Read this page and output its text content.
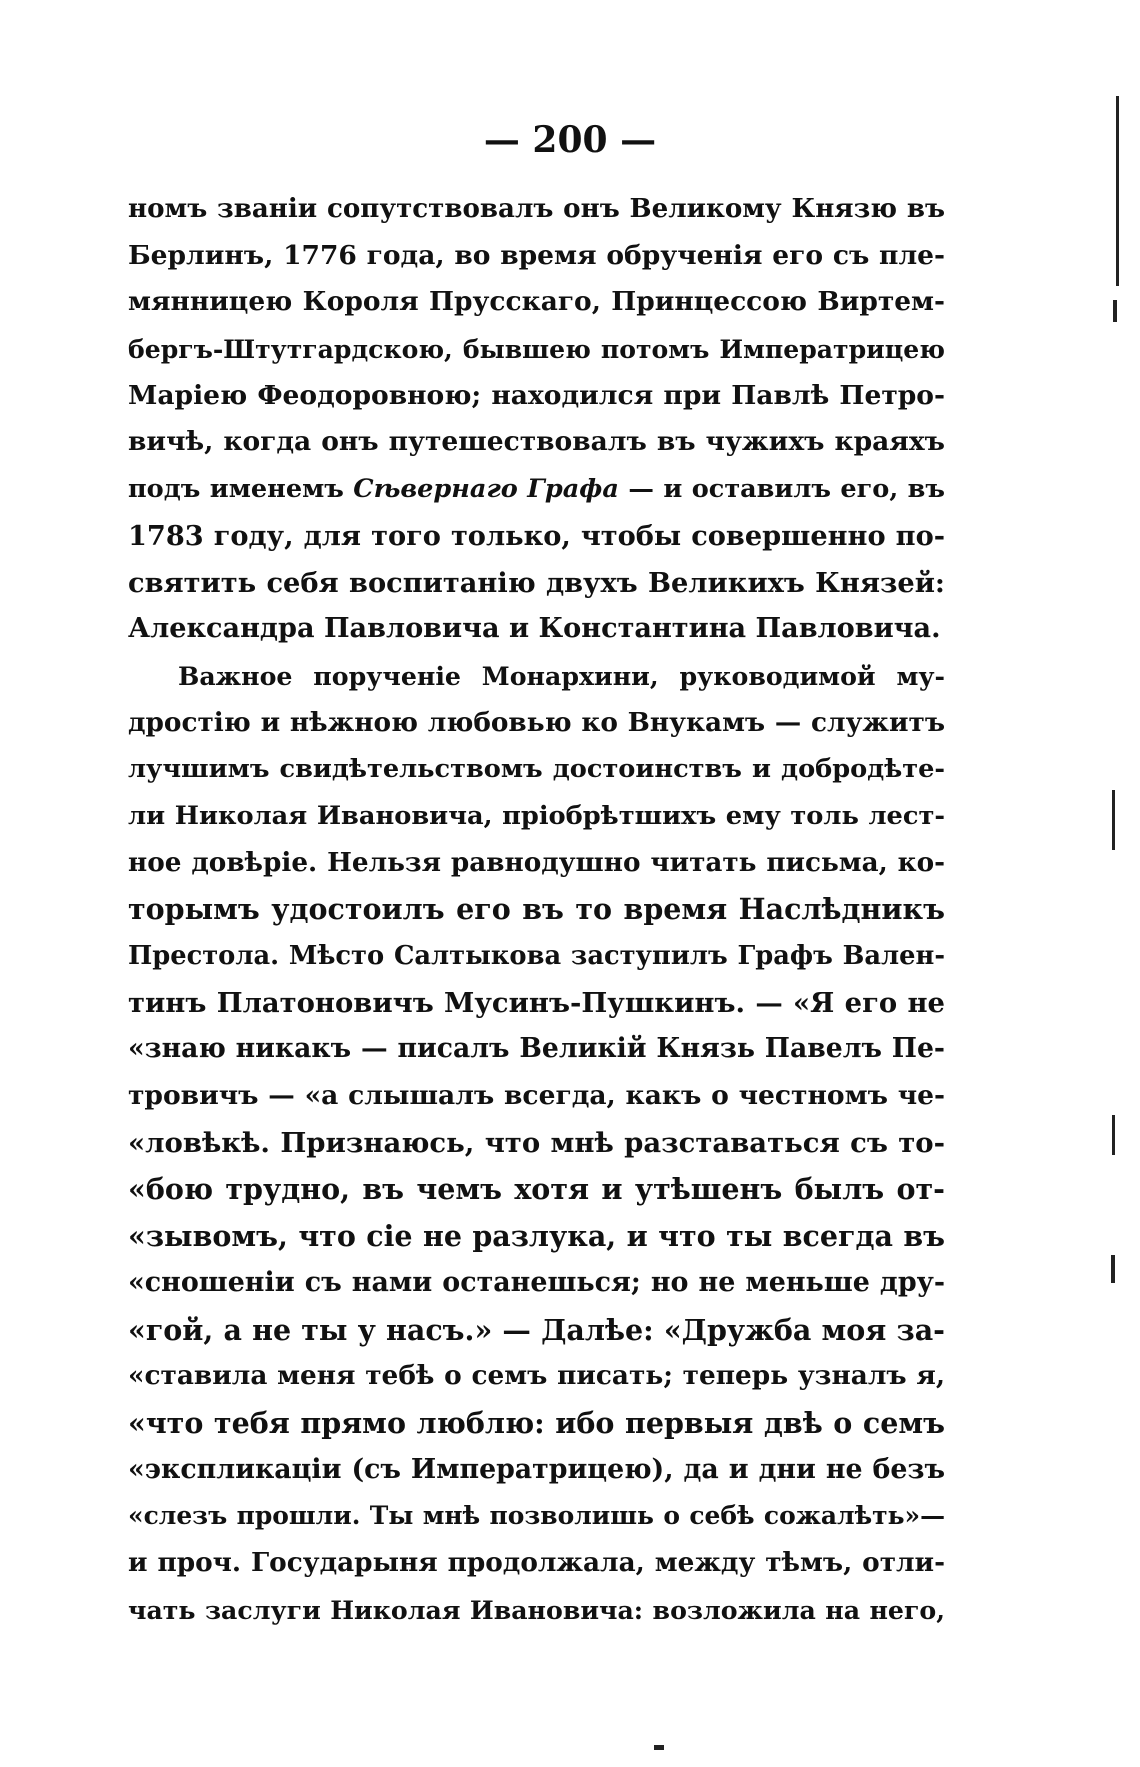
— 200 —
номъ званіи сопутствовалъ онъ Великому Князю въ
Берлинъ, 1776 года, во время обрученія его съ пле-
мянницею Короля Прусскаго, Принцессою Виртем-
бергъ-Штутгардскою, бывшею потомъ Императрицею
Маріею Феодоровною; находился при Павлѣ Петро-
вичѣ, когда онъ путешествовалъ въ чужихъ краяхъ
подъ именемъ Сѣвернаго Графа — и оставилъ его, въ
1783 году, для того только, чтобы совершенно по-
святить себя воспитанію двухъ Великихъ Князей:
Александра Павловича и Константина Павловича.
Важное порученіе Монархини, руководимой му-
дростію и нѣжною любовью ко Внукамъ — служитъ
лучшимъ свидѣтельствомъ достоинствъ и добродѣте-
ли Николая Ивановича, пріобрѣтшихъ ему толь лест-
ное довѣріе. Нельзя равнодушно читать письма, ко-
торымъ удостоилъ его въ то время Наслѣдникъ
Престола. Мѣсто Салтыкова заступилъ Графъ Вален-
тинъ Платоновичъ Мусинъ-Пушкинъ. — «Я его не
«знаю никакъ — писалъ Великій Князь Павелъ Пе-
тровичъ — «а слышалъ всегда, какъ о честномъ че-
«ловѣкѣ. Признаюсь, что мнѣ разставаться съ то-
«бою трудно, въ чемъ хотя и утѣшенъ былъ от-
«зывомъ, что сіе не разлука, и что ты всегда въ
«сношеніи съ нами останешься; но не меньше дру-
«гой, а не ты у насъ.» — Далѣе: «Дружба моя за-
«ставила меня тебѣ о семъ писать; теперь узналъ я,
«что тебя прямо люблю: ибо первыя двѣ о семъ
«экспликаціи (съ Императрицею), да и дни не безъ
«слезъ прошли. Ты мнѣ позволишь о себѣ сожалѣть»—
и проч. Государыня продолжала, между тѣмъ, отли-
чать заслуги Николая Ивановича: возложила на него,
